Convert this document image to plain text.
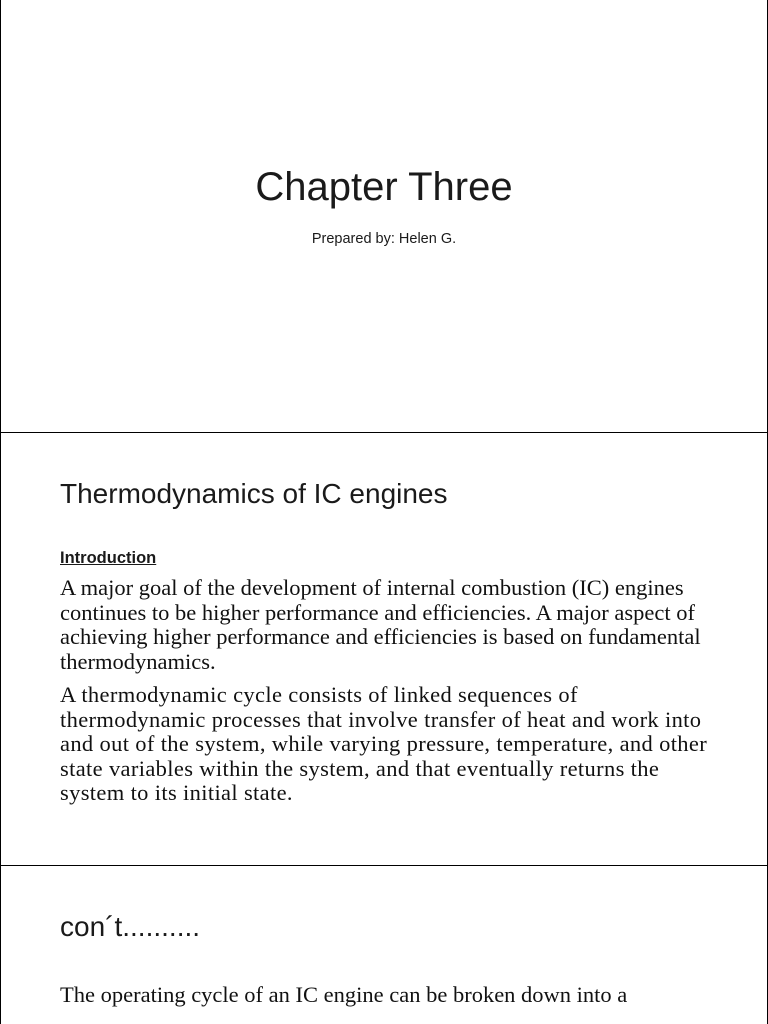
Chapter Three
Prepared by: Helen G.
Thermodynamics of IC engines
Introduction

A major goal of the development of internal combustion (IC) engines continues to be higher performance and efficiencies. A major aspect of achieving higher performance and efficiencies is based on fundamental thermodynamics.

A thermodynamic cycle consists of linked sequences of thermodynamic processes that involve transfer of heat and work into and out of the system, while varying pressure, temperature, and other state variables within the system, and that eventually returns the system to its initial state.

con´t..........

The operating cycle of an IC engine can be broken down into a
